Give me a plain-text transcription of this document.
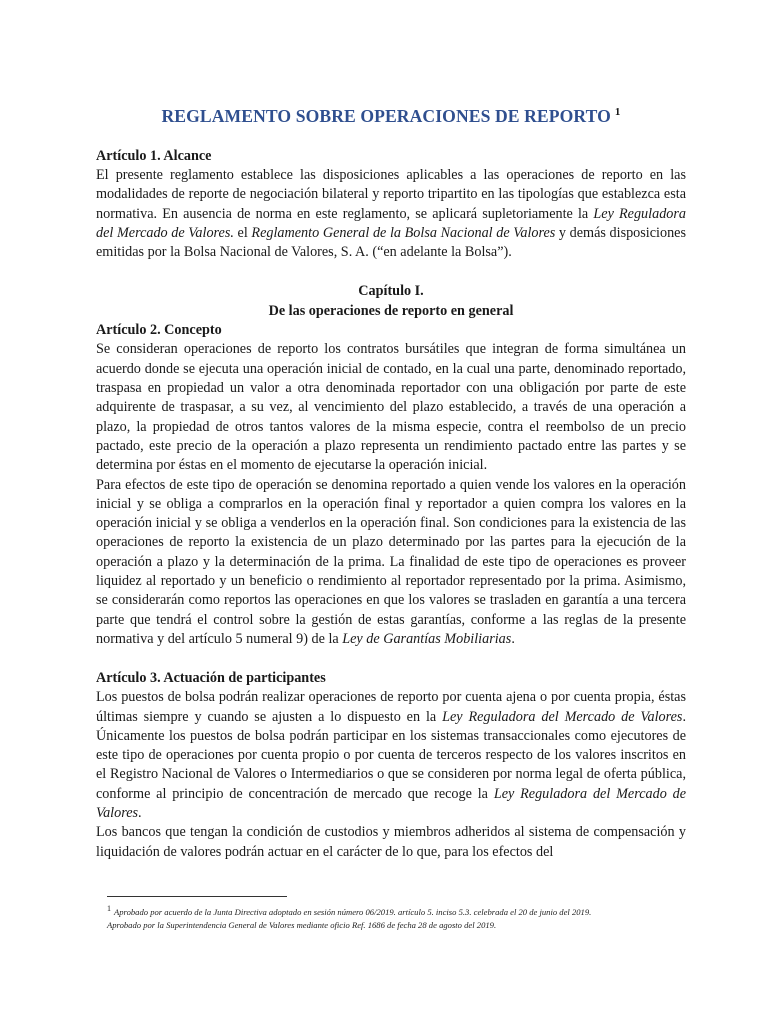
REGLAMENTO SOBRE OPERACIONES DE REPORTO $^1$
Artículo 1. Alcance

El presente reglamento establece las disposiciones aplicables a las operaciones de reporto en las modalidades de reporte de negociación bilateral y reporto tripartito en las tipologías que establezca esta normativa. En ausencia de norma en este reglamento, se aplicará supletoriamente la Ley Reguladora del Mercado de Valores. el Reglamento General de la Bolsa Nacional de Valores y demás disposiciones emitidas por la Bolsa Nacional de Valores, S. A. (“en adelante la Bolsa”).

Capítulo I.
De las operaciones de reporto en general
Artículo 2. Concepto

Se consideran operaciones de reporto los contratos bursátiles que integran de forma simultánea un acuerdo donde se ejecuta una operación inicial de contado, en la cual una parte, denominado reportado, traspasa en propiedad un valor a otra denominada reportador con una obligación por parte de este adquirente de traspasar, a su vez, al vencimiento del plazo establecido, a través de una operación a plazo, la propiedad de otros tantos valores de la misma especie, contra el reembolso de un precio pactado, este precio de la operación a plazo representa un rendimiento pactado entre las partes y se determina por éstas en el momento de ejecutarse la operación inicial.

Para efectos de este tipo de operación se denomina reportado a quien vende los valores en la operación inicial y se obliga a comprarlos en la operación final y reportador a quien compra los valores en la operación inicial y se obliga a venderlos en la operación final. Son condiciones para la existencia de las operaciones de reporto la existencia de un plazo determinado por las partes para la ejecución de la operación a plazo y la determinación de la prima. La finalidad de este tipo de operaciones es proveer liquidez al reportado y un beneficio o rendimiento al reportador representado por la prima. Asimismo, se considerarán como reportos las operaciones en que los valores se trasladen en garantía a una tercera parte que tendrá el control sobre la gestión de estas garantías, conforme a las reglas de la presente normativa y del artículo 5 numeral 9) de la Ley de Garantías Mobiliarias.

Artículo 3. Actuación de participantes

Los puestos de bolsa podrán realizar operaciones de reporto por cuenta ajena o por cuenta propia, éstas últimas siempre y cuando se ajusten a lo dispuesto en la Ley Reguladora del Mercado de Valores. Únicamente los puestos de bolsa podrán participar en los sistemas transaccionales como ejecutores de este tipo de operaciones por cuenta propio o por cuenta de terceros respecto de los valores inscritos en el Registro Nacional de Valores o Intermediarios o que se consideren por norma legal de oferta pública, conforme al principio de concentración de mercado que recoge la Ley Reguladora del Mercado de Valores.

Los bancos que tengan la condición de custodios y miembros adheridos al sistema de compensación y liquidación de valores podrán actuar en el carácter de lo que, para los efectos del

$^1$ Aprobado por acuerdo de la Junta Directiva adoptado en sesión número 06/2019. artículo 5. inciso 5.3. celebrada el 20 de junio del 2019.
Aprobado por la Superintendencia General de Valores mediante oficio Ref. 1686 de fecha 28 de agosto del 2019.
